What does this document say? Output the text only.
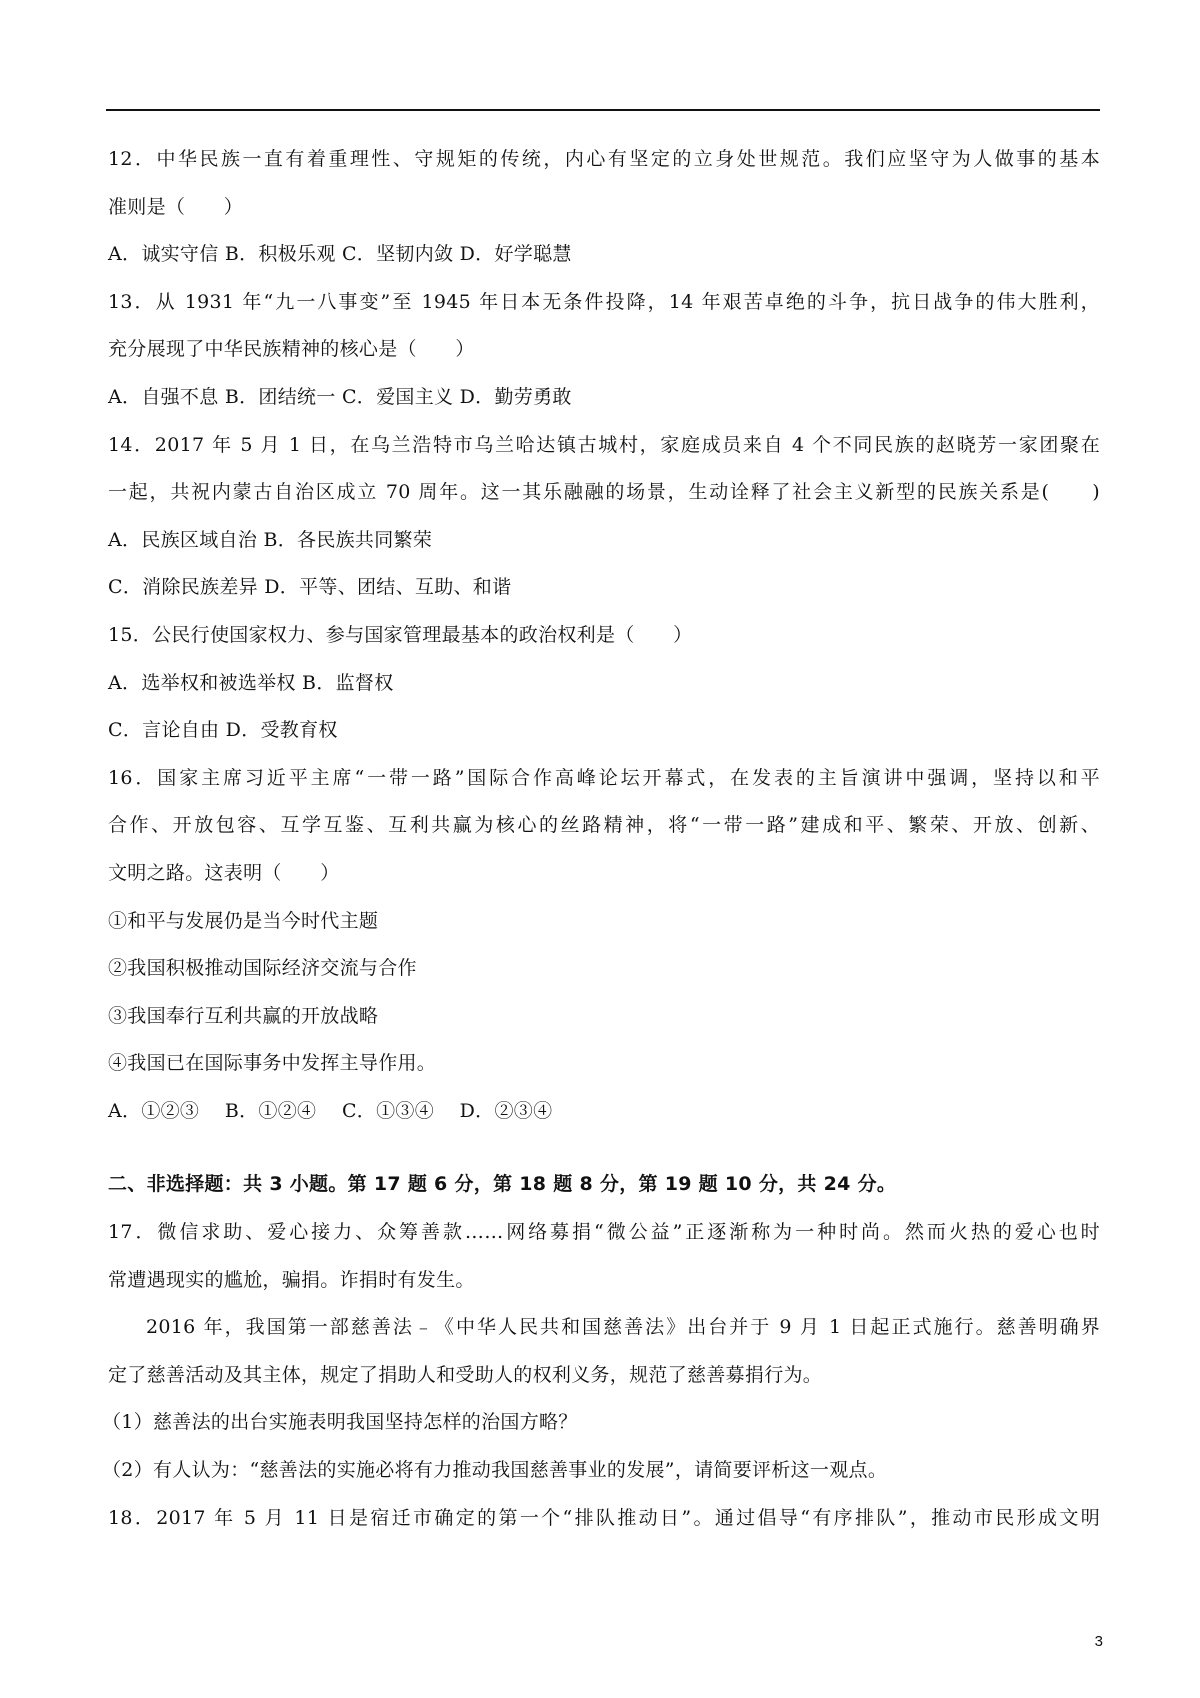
12．中华民族一直有着重理性、守规矩的传统，内心有坚定的立身处世规范。我们应坚守为人做事的基本
准则是（　　）
A．诚实守信 B．积极乐观 C．坚韧内敛 D．好学聪慧
13．从 1931 年“九一八事变”至 1945 年日本无条件投降，14 年艰苦卓绝的斗争，抗日战争的伟大胜利，
充分展现了中华民族精神的核心是（　　）
A．自强不息 B．团结统一 C．爱国主义 D．勤劳勇敢
14．2017 年 5 月 1 日，在乌兰浩特市乌兰哈达镇古城村，家庭成员来自 4 个不同民族的赵晓芳一家团聚在
一起，共祝内蒙古自治区成立 70 周年。这一其乐融融的场景，生动诠释了社会主义新型的民族关系是(　　)
A．民族区域自治 B．各民族共同繁荣
C．消除民族差异 D．平等、团结、互助、和谐
15．公民行使国家权力、参与国家管理最基本的政治权利是（　　）
A．选举权和被选举权 B．监督权
C．言论自由 D．受教育权
16．国家主席习近平主席“一带一路”国际合作高峰论坛开幕式，在发表的主旨演讲中强调，坚持以和平
合作、开放包容、互学互鉴、互利共赢为核心的丝路精神，将“一带一路”建成和平、繁荣、开放、创新、
文明之路。这表明（　　）
①和平与发展仍是当今时代主题
②我国积极推动国际经济交流与合作
③我国奉行互利共赢的开放战略
④我国已在国际事务中发挥主导作用。
A．①②③　 B．①②④　 C．①③④　 D．②③④
二、非选择题：共 3 小题。第 17 题 6 分，第 18 题 8 分，第 19 题 10 分，共 24 分。
17．微信求助、爱心接力、众筹善款……网络募捐“微公益”正逐渐称为一种时尚。然而火热的爱心也时
常遭遇现实的尴尬，骗捐。诈捐时有发生。
2016 年，我国第一部慈善法﹣《中华人民共和国慈善法》出台并于 9 月 1 日起正式施行。慈善明确界
定了慈善活动及其主体，规定了捐助人和受助人的权利义务，规范了慈善募捐行为。
（1）慈善法的出台实施表明我国坚持怎样的治国方略？
（2）有人认为：“慈善法的实施必将有力推动我国慈善事业的发展”，请简要评析这一观点。
18．2017 年 5 月 11 日是宿迁市确定的第一个“排队推动日”。通过倡导“有序排队”，推动市民形成文明
3
